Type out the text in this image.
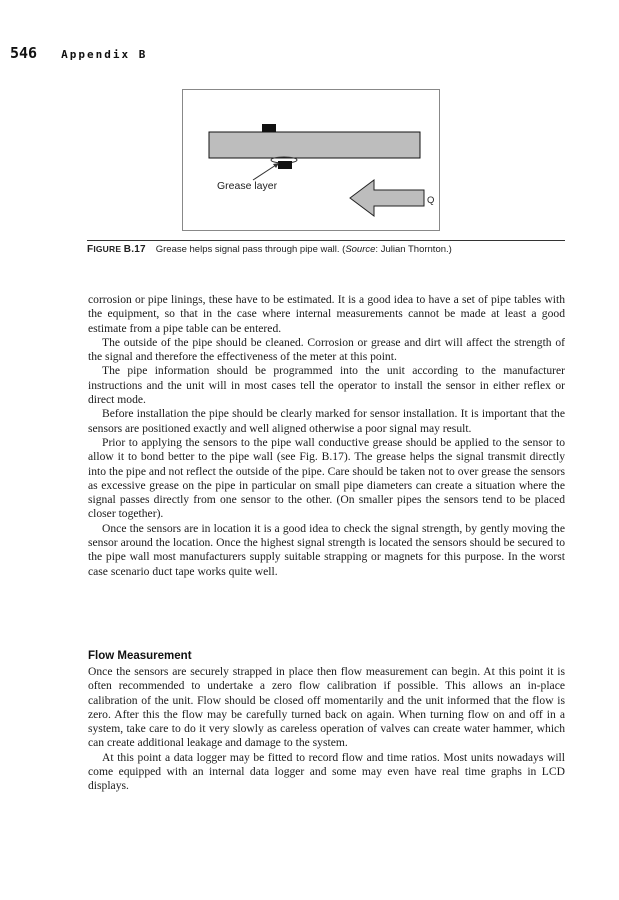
546 Appendix B
Grease layer
Q
FIGURE B.17 Grease helps signal pass through pipe wall. (Source: Julian Thornton.)

corrosion or pipe linings, these have to be estimated. It is a good idea to have a set of pipe tables with the equipment, so that in the case where internal measurements cannot be made at least a good estimate from a pipe table can be entered.

The outside of the pipe should be cleaned. Corrosion or grease and dirt will affect the strength of the signal and therefore the effectiveness of the meter at this point.

The pipe information should be programmed into the unit according to the manufacturer instructions and the unit will in most cases tell the operator to install the sensor in either reflex or direct mode.

Before installation the pipe should be clearly marked for sensor installation. It is important that the sensors are positioned exactly and well aligned otherwise a poor signal may result.

Prior to applying the sensors to the pipe wall conductive grease should be applied to the sensor to allow it to bond better to the pipe wall (see Fig. B.17). The grease helps the signal transmit directly into the pipe and not reflect the outside of the pipe. Care should be taken not to over grease the sensors as excessive grease on the pipe in particular on small pipe diameters can create a situation where the signal passes directly from one sensor to the other. (On smaller pipes the sensors tend to be placed closer together).

Once the sensors are in location it is a good idea to check the signal strength, by gently moving the sensor around the location. Once the highest signal strength is located the sensors should be secured to the pipe wall most manufacturers supply suitable strapping or magnets for this purpose. In the worst case scenario duct tape works quite well.

Flow Measurement

Once the sensors are securely strapped in place then flow measurement can begin. At this point it is often recommended to undertake a zero flow calibration if possible. This allows an in-place calibration of the unit. Flow should be closed off momentarily and the unit informed that the flow is zero. After this the flow may be carefully turned back on again. When turning flow on and off in a system, take care to do it very slowly as careless operation of valves can create water hammer, which can create additional leakage and damage to the system.

At this point a data logger may be fitted to record flow and time ratios. Most units nowadays will come equipped with an internal data logger and some may even have real time graphs in LCD displays.
